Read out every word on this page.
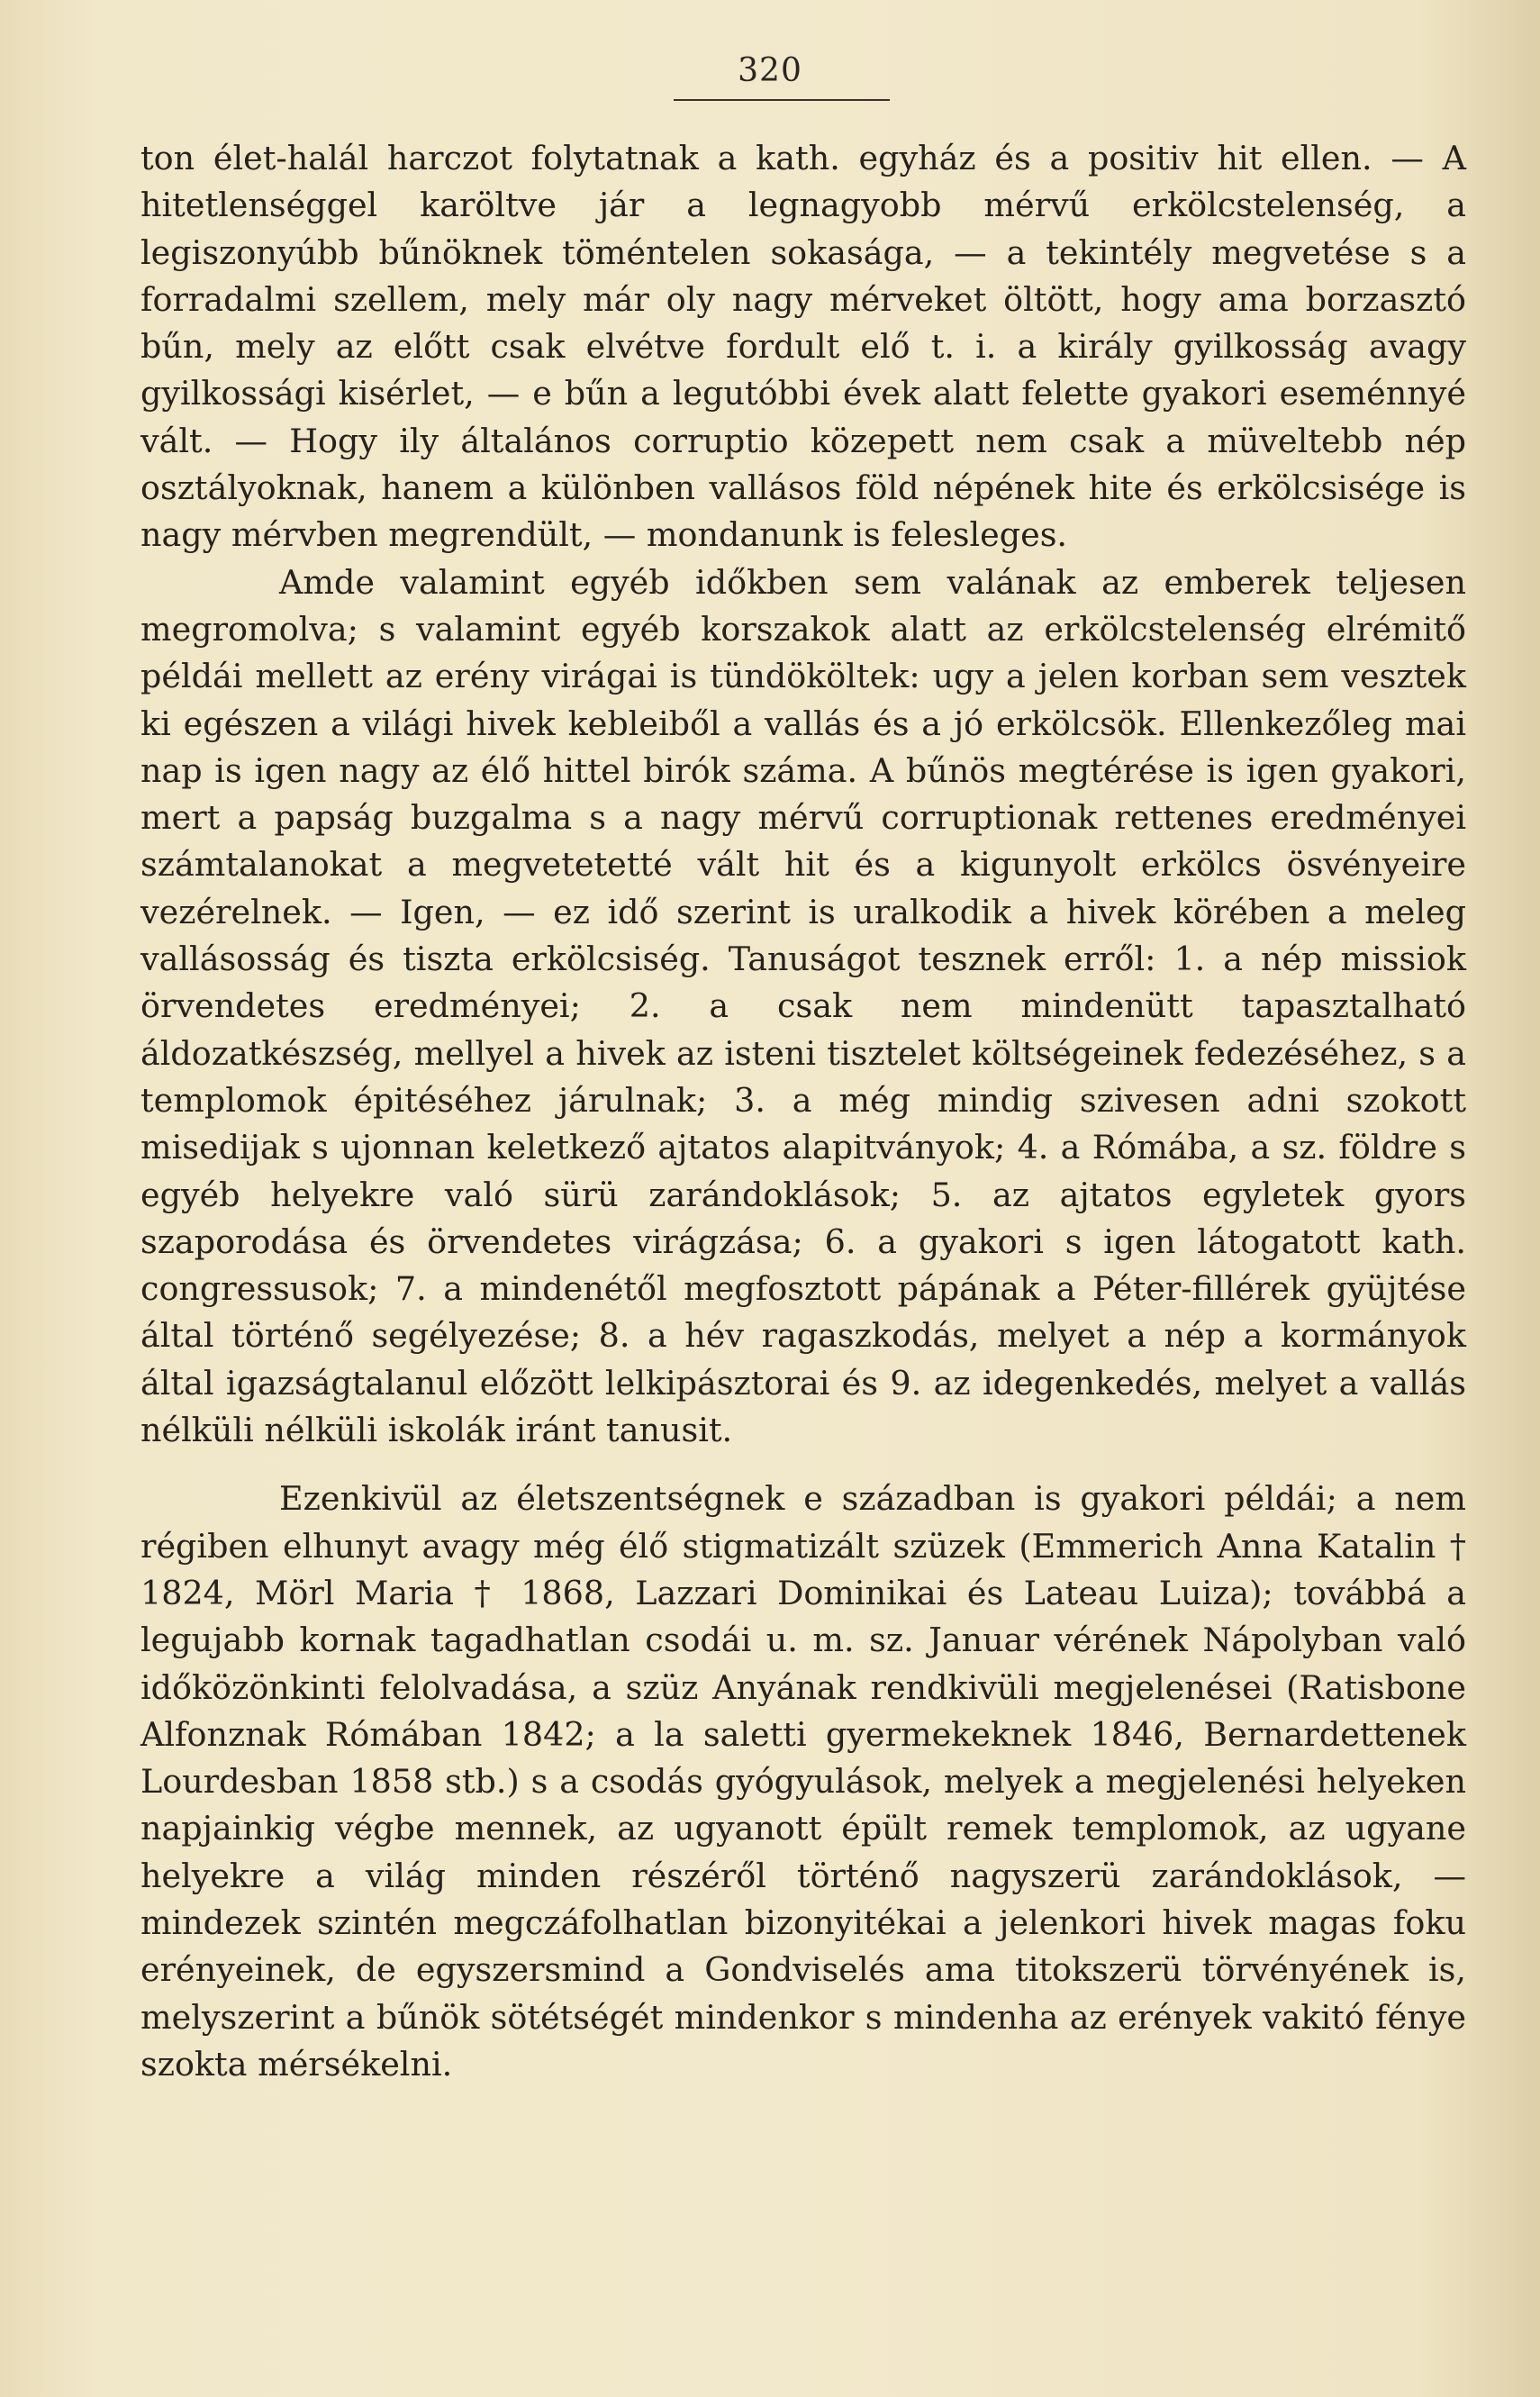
320

ton élet-halál harczot folytatnak a kath. egyház és a positiv hit ellen. — A hitetlenséggel karöltve jár a legnagyobb mérvű erkölcstelenség, a legiszonyúbb bűnöknek töméntelen sokasága, — a tekintély megvetése s a forradalmi szellem, mely már oly nagy mérveket öltött, hogy ama borzasztó bűn, mely az előtt csak elvétve fordult elő t. i. a király gyilkosság avagy gyilkossági kisérlet, — e bűn a legutóbbi évek alatt felette gyakori eseménnyé vált. — Hogy ily általános corruptio közepett nem csak a müveltebb nép osztályoknak, hanem a különben vallásos föld népének hite és erkölcsisége is nagy mérvben megrendült, — mondanunk is felesleges.

Amde valamint egyéb időkben sem valának az emberek teljesen megromolva; s valamint egyéb korszakok alatt az erkölcstelenség elrémitő példái mellett az erény virágai is tündököltek: ugy a jelen korban sem vesztek ki egészen a világi hivek kebleiből a vallás és a jó erkölcsök. Ellenkezőleg mai nap is igen nagy az élő hittel birók száma. A bűnös megtérése is igen gyakori, mert a papság buzgalma s a nagy mérvű corruptionak rettenes eredményei számtalanokat a megvetetetté vált hit és a kigunyolt erkölcs ösvényeire vezérelnek. — Igen, — ez idő szerint is uralkodik a hivek körében a meleg vallásosság és tiszta erkölcsiség. Tanuságot tesznek erről: 1. a nép missiok örvendetes eredményei; 2. a csak nem mindenütt tapasztalható áldozatkészség, mellyel a hivek az isteni tisztelet költségeinek fedezéséhez, s a templomok épitéséhez járulnak; 3. a még mindig szivesen adni szokott misedijak s ujonnan keletkező ajtatos alapitványok; 4. a Rómába, a sz. földre s egyéb helyekre való sürü zarándoklások; 5. az ajtatos egyletek gyors szaporodása és örvendetes virágzása; 6. a gyakori s igen látogatott kath. congressusok; 7. a mindenétől megfosztott pápának a Péter-fillérek gyüjtése által történő segélyezése; 8. a hév ragaszkodás, melyet a nép a kormányok által igazságtalanul előzött lelkipásztorai és 9. az idegenkedés, melyet a vallás nélküli nélküli iskolák iránt tanusit.

Ezenkivül az életszentségnek e században is gyakori példái; a nem régiben elhunyt avagy még élő stigmatizált szüzek (Emmerich Anna Katalin † 1824, Mörl Maria † 1868, Lazzari Dominikai és Lateau Luiza); továbbá a legujabb kornak tagadhatlan csodái u. m. sz. Januar vérének Nápolyban való időközönkinti felolvadása, a szüz Anyának rendkivüli megjelenései (Ratisbone Alfonznak Rómában 1842; a la saletti gyermekeknek 1846, Bernardettenek Lourdesban 1858 stb.) s a csodás gyógyulások, melyek a megjelenési helyeken napjainkig végbe mennek, az ugyanott épült remek templomok, az ugyane helyekre a világ minden részéről történő nagyszerü zarándoklások, — mindezek szintén megczáfolhatlan bizonyitékai a jelenkori hivek magas foku erényeinek, de egyszersmind a Gondviselés ama titokszerü törvényének is, melyszerint a bűnök sötétségét mindenkor s mindenha az erények vakitó fénye szokta mérsékelni.
